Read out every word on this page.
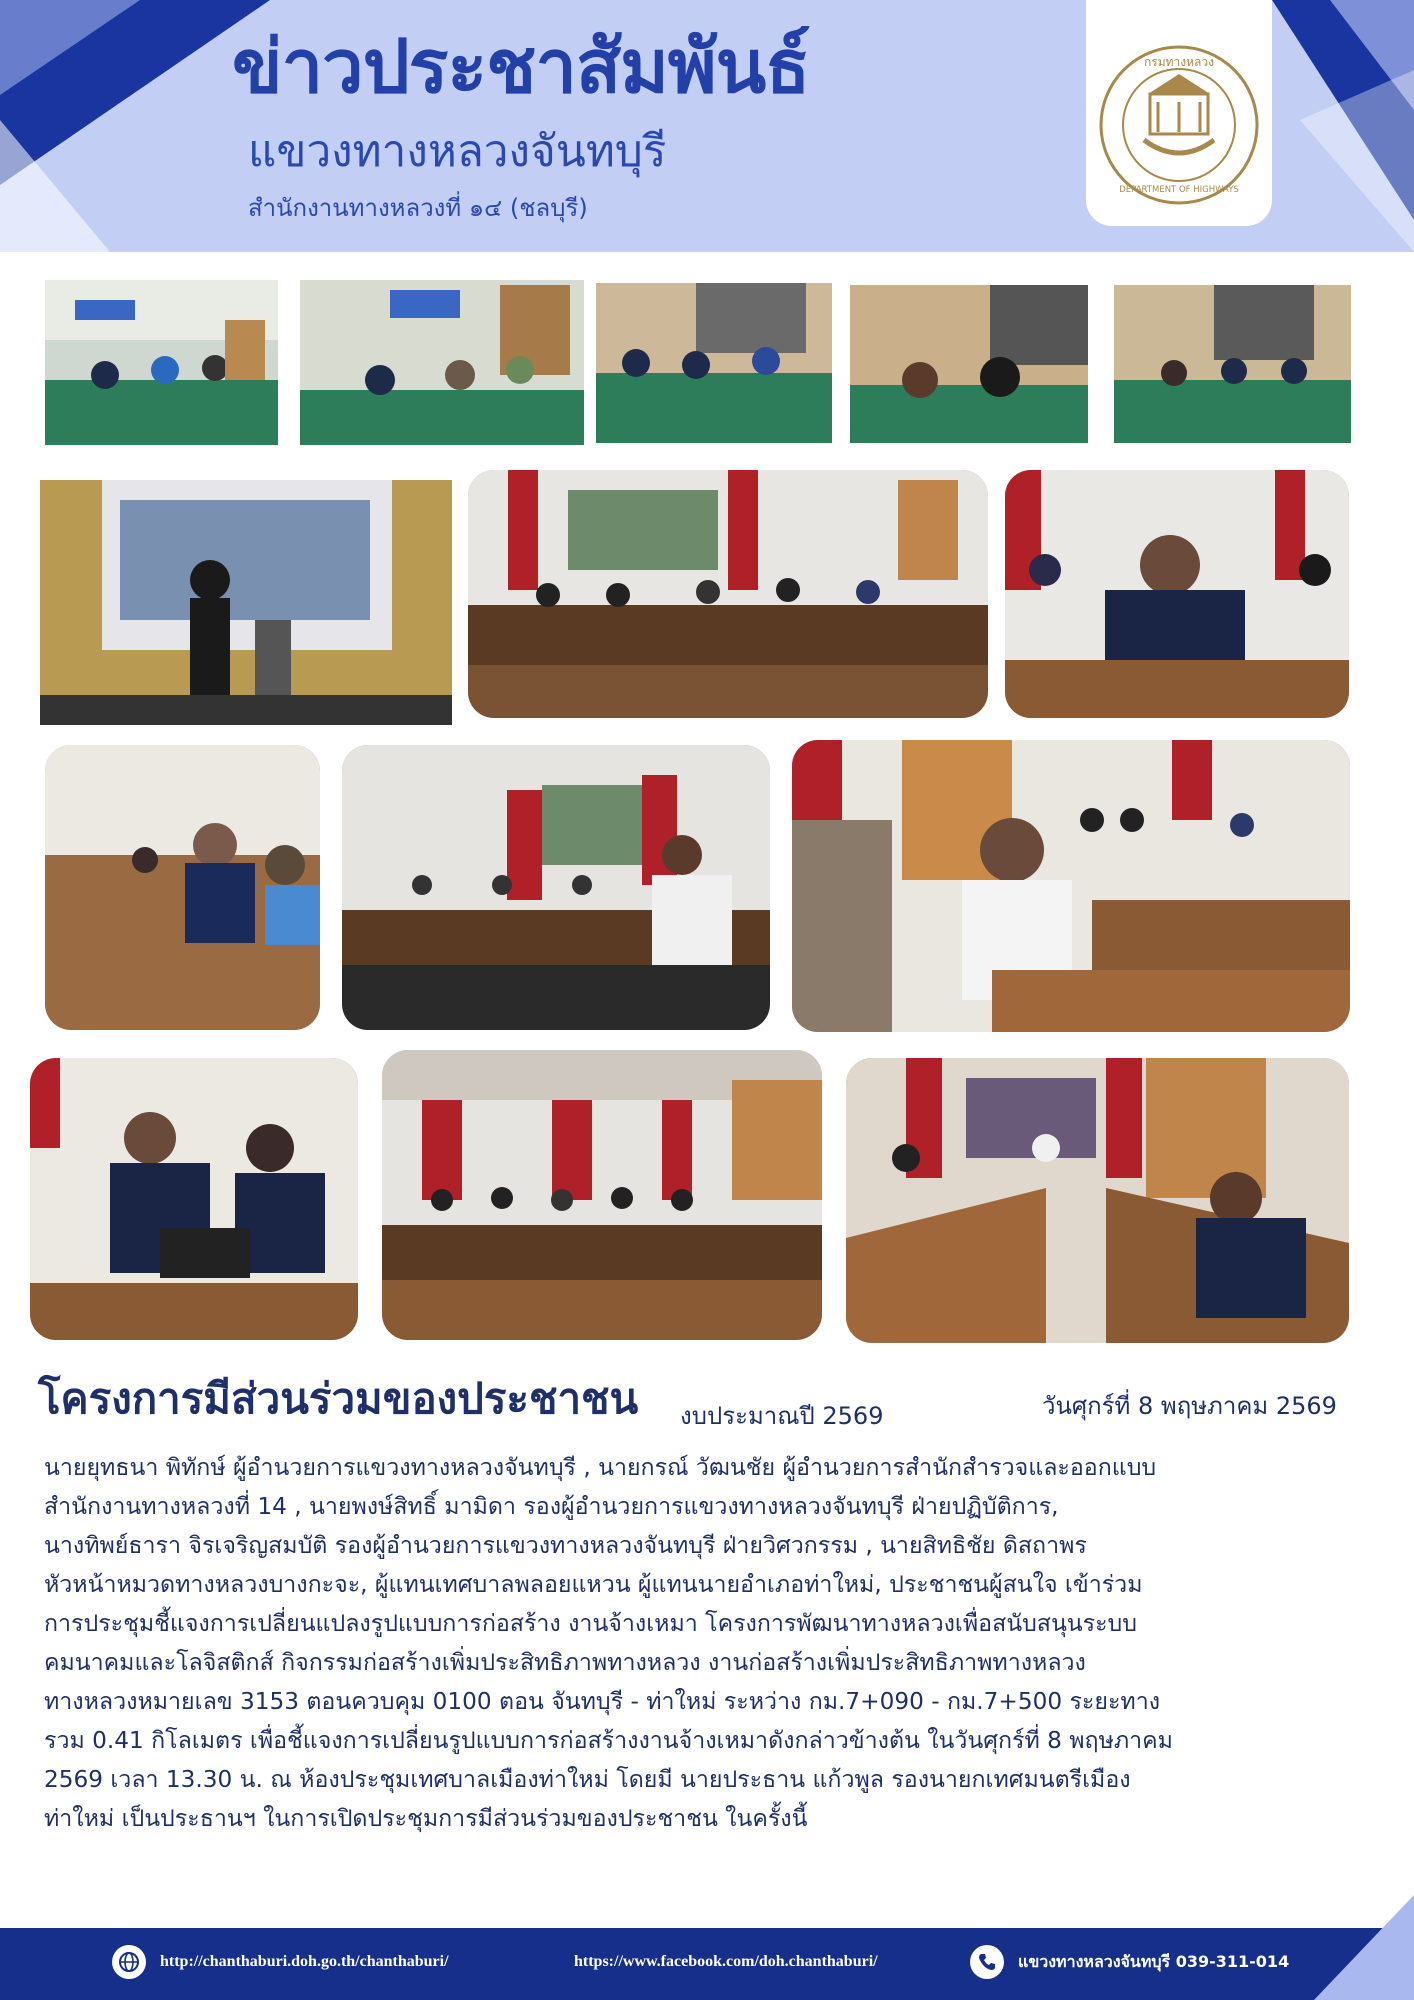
ข่าวประชาสัมพันธ์
แขวงทางหลวงจันทบุรี
สำนักงานทางหลวงที่ ๑๔ (ชลบุรี)
กรมทางหลวง
DEPARTMENT OF HIGHWAYS
โครงการมีส่วนร่วมของประชาชน งบประมาณปี 2569	วันศุกร์ที่ 8 พฤษภาคม 2569
นายยุทธนา พิทักษ์ ผู้อำนวยการแขวงทางหลวงจันทบุรี , นายกรณ์ วัฒนชัย ผู้อำนวยการสำนักสำรวจและออกแบบ
สำนักงานทางหลวงที่ 14 , นายพงษ์สิทธิ์ มามิดา รองผู้อำนวยการแขวงทางหลวงจันทบุรี ฝ่ายปฏิบัติการ,
นางทิพย์ธารา จิรเจริญสมบัติ รองผู้อำนวยการแขวงทางหลวงจันทบุรี ฝ่ายวิศวกรรม , นายสิทธิชัย ดิสถาพร
หัวหน้าหมวดทางหลวงบางกะจะ, ผู้แทนเทศบาลพลอยแหวน ผู้แทนนายอำเภอท่าใหม่, ประชาชนผู้สนใจ เข้าร่วม
การประชุมชี้แจงการเปลี่ยนแปลงรูปแบบการก่อสร้าง งานจ้างเหมา โครงการพัฒนาทางหลวงเพื่อสนับสนุนระบบ
คมนาคมและโลจิสติกส์ กิจกรรมก่อสร้างเพิ่มประสิทธิภาพทางหลวง งานก่อสร้างเพิ่มประสิทธิภาพทางหลวง
ทางหลวงหมายเลข 3153 ตอนควบคุม 0100 ตอน จันทบุรี - ท่าใหม่ ระหว่าง กม.7+090 - กม.7+500 ระยะทาง
รวม 0.41 กิโลเมตร เพื่อชี้แจงการเปลี่ยนรูปแบบการก่อสร้างงานจ้างเหมาดังกล่าวข้างต้น ในวันศุกร์ที่ 8 พฤษภาคม
2569 เวลา 13.30 น. ณ ห้องประชุมเทศบาลเมืองท่าใหม่ โดยมี นายประธาน แก้วพูล รองนายกเทศมนตรีเมือง
ท่าใหม่ เป็นประธานฯ ในการเปิดประชุมการมีส่วนร่วมของประชาชน ในครั้งนี้
http://chanthaburi.doh.go.th/chanthaburi/	https://www.facebook.com/doh.chanthaburi/	แขวงทางหลวงจันทบุรี 039-311-014
